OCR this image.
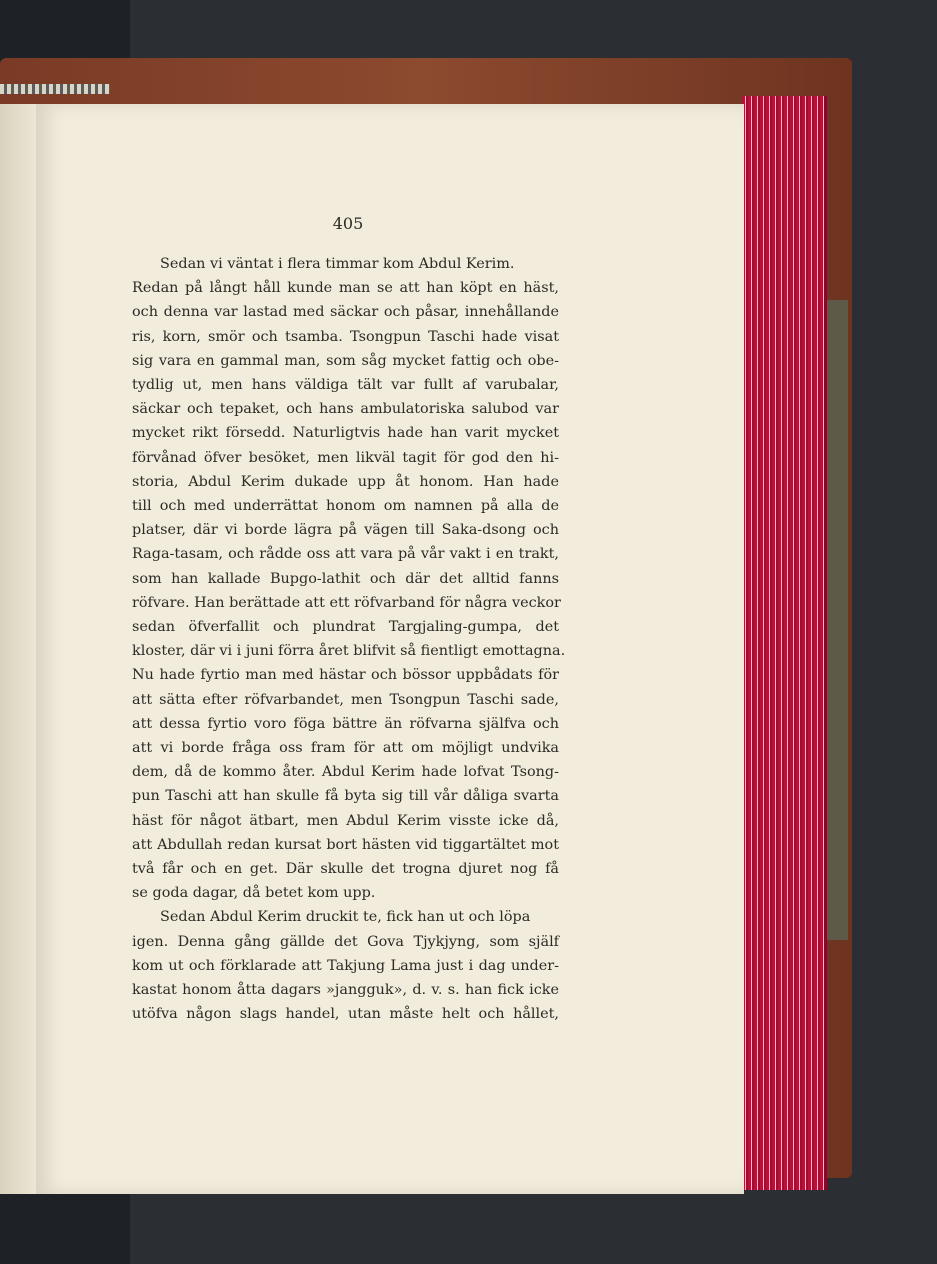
405
Sedan vi väntat i flera timmar kom Abdul Kerim.
Redan på långt håll kunde man se att han köpt en häst,
och denna var lastad med säckar och påsar, innehållande
ris, korn, smör och tsamba. Tsongpun Taschi hade visat
sig vara en gammal man, som såg mycket fattig och obe-
tydlig ut, men hans väldiga tält var fullt af varubalar,
säckar och tepaket, och hans ambulatoriska salubod var
mycket rikt försedd. Naturligtvis hade han varit mycket
förvånad öfver besöket, men likväl tagit för god den hi-
storia, Abdul Kerim dukade upp åt honom. Han hade
till och med underrättat honom om namnen på alla de
platser, där vi borde lägra på vägen till Saka-dsong och
Raga-tasam, och rådde oss att vara på vår vakt i en trakt,
som han kallade Bupgo-lathit och där det alltid fanns
röfvare. Han berättade att ett röfvarband för några veckor
sedan öfverfallit och plundrat Targjaling-gumpa, det
kloster, där vi i juni förra året blifvit så fientligt emottagna.
Nu hade fyrtio man med hästar och bössor uppbådats för
att sätta efter röfvarbandet, men Tsongpun Taschi sade,
att dessa fyrtio voro föga bättre än röfvarna själfva och
att vi borde fråga oss fram för att om möjligt undvika
dem, då de kommo åter. Abdul Kerim hade lofvat Tsong-
pun Taschi att han skulle få byta sig till vår dåliga svarta
häst för något ätbart, men Abdul Kerim visste icke då,
att Abdullah redan kursat bort hästen vid tiggartältet mot
två får och en get. Där skulle det trogna djuret nog få
se goda dagar, då betet kom upp.
Sedan Abdul Kerim druckit te, fick han ut och löpa
igen. Denna gång gällde det Gova Tjykjyng, som själf
kom ut och förklarade att Takjung Lama just i dag under-
kastat honom åtta dagars »jangguk», d. v. s. han fick icke
utöfva någon slags handel, utan måste helt och hållet,
